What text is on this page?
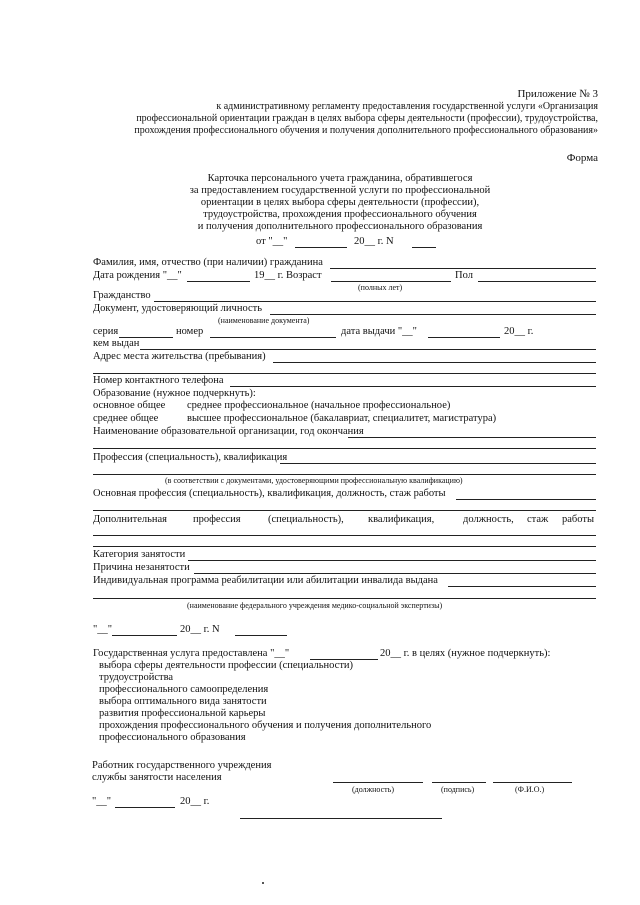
Приложение № 3
к административному регламенту предоставления государственной услуги «Организация
профессиональной ориентации граждан в целях выбора сферы деятельности (профессии), трудоустройства,
прохождения профессионального обучения и получения дополнительного профессионального образования»
Форма
Карточка персонального учета гражданина, обратившегося
за предоставлением государственной услуги по профессиональной
ориентации в целях выбора сферы деятельности (профессии),
трудоустройства, прохождения профессионального обучения
и получения дополнительного профессионального образования
от "__"	20__ г. N
Фамилия, имя, отчество (при наличии) гражданина
Дата рождения "__"	19__ г. Возраст	Пол
(полных лет)
Гражданство
Документ, удостоверяющий личность
(наименование документа)
серия	номер	дата выдачи "__"	20__ г.
кем выдан
Адрес места жительства (пребывания)
Номер контактного телефона
Образование (нужное подчеркнуть):
основное общее среднее профессиональное (начальное профессиональное)
среднее общее	высшее профессиональное (бакалавриат, специалитет, магистратура)
Наименование образовательной организации, год окончания
Профессия (специальность), квалификация
(в соответствии с документами, удостоверяющими профессиональную квалификацию)
Основная профессия (специальность), квалификация, должность, стаж работы
Дополнительная профессия	(специальность), квалификация,	должность, стаж работы
Категория занятости
Причина незанятости
Индивидуальная программа реабилитации или абилитации инвалида выдана
(наименование федерального учреждения медико-социальной экспертизы)
"__"	20__ г. N
Государственная услуга предоставлена "__"	20__ г. в целях (нужное подчеркнуть):
выбора сферы деятельности профессии (специальности)
трудоустройства
профессионального самоопределения
выбора оптимального вида занятости
развития профессиональной карьеры
прохождения профессионального обучения и получения дополнительного
профессионального образования
Работник государственного учреждения
службы занятости населения
(должность)	(подпись)	(Ф.И.О.)
"__"	20__ г.
